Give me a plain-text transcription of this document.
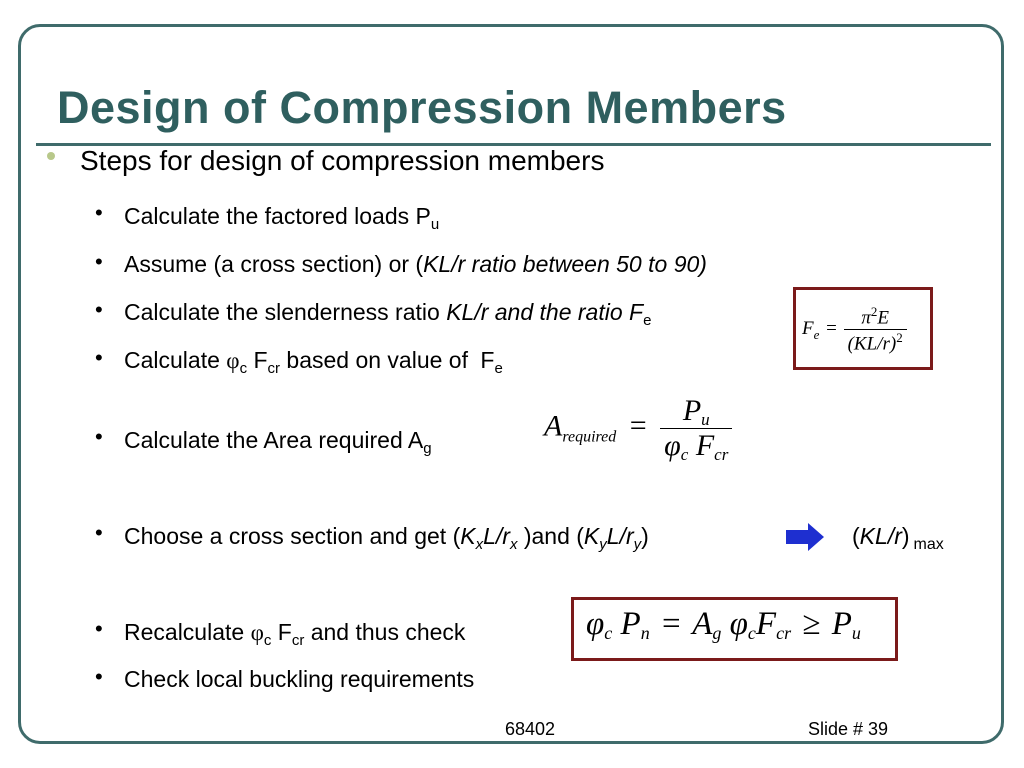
Design of Compression Members
Steps for design of compression members
• Calculate the factored loads $P_u$
• Assume (a cross section) or (KL/r ratio between 50 to 90)
• Calculate the slenderness ratio KL/r and the ratio $F_e$
• Calculate $\varphi_c$ $F_{cr}$ based on value of $F_e$
• Calculate the Area required $A_g$
• Choose a cross section and get ($K_xL/r_x$ )and $(K_yL/r_y)$	(KL/r) $_{max}$
• Recalculate $\varphi_c$ $F_{cr}$ and thus check
• Check local buckling requirements
$F_e = \frac{\pi^2E}{(KL/r)^2}$
$A_{required} = \frac{P_u}{\varphi_c F_{cr}}$
$\varphi_c$ $P_n = A_g$ $\varphi_cF_{cr} \ge P_u$
68402	Slide # 39
